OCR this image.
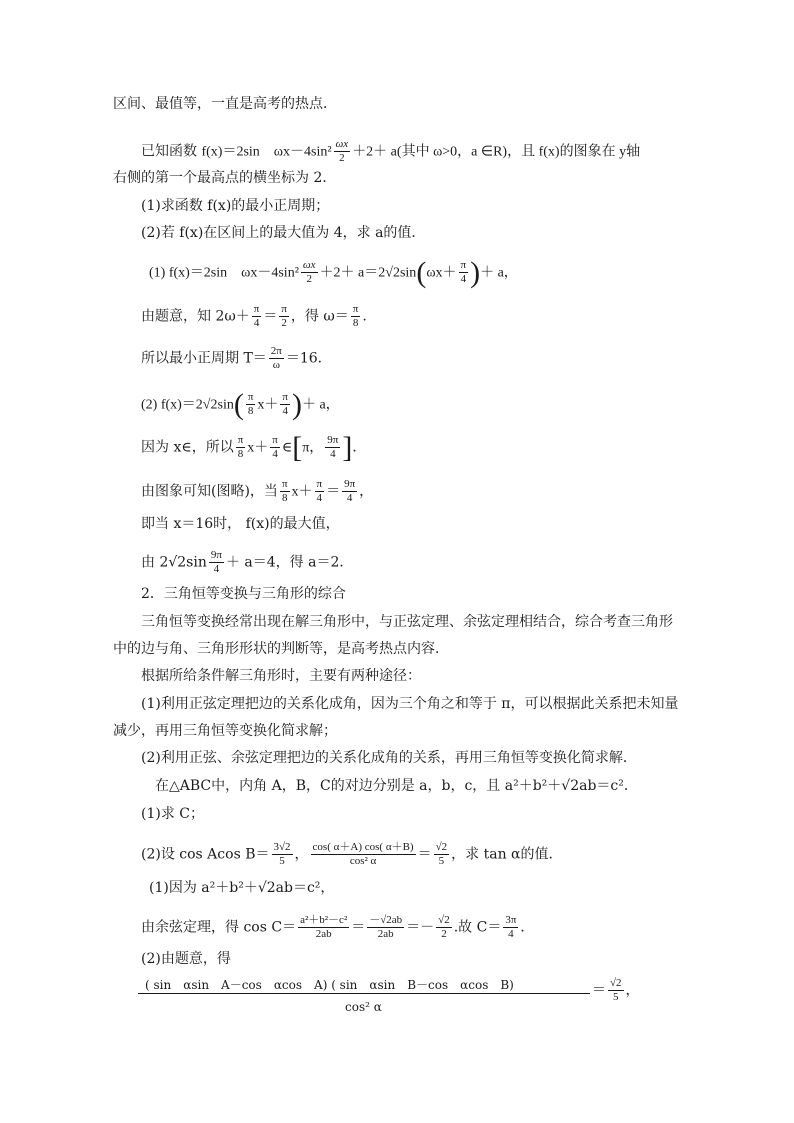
区间、最值等，一直是高考的热点．
已知函数 f(x)＝2sin　$\omega x-4\sin^2 \frac{\omega x}{2} +2+ a$(其中 ω>0，a ∈R)，且 f(x)的图象在 y轴
右侧的第一个最高点的横坐标为 2．
(1)求函数 f(x)的最小正周期；
(2)若 f(x)在区间上的最大值为 4，求 a的值．
(1) f(x)＝2sin　$\omega x-4\sin^2 \frac{\omega x}{2} +2+ a=2√2\sin(\omega x+ \frac{\pi}{4}$ )＋ a，
由题意，知 $2\omega+ \frac{\pi}{4} = \frac{\pi}{2}$ ，得 $\omega= \frac{\pi}{8}$ .
所以最小正周期 $T= \frac{2\pi}{\omega} =16$．
(2) $f(x)=2√2\sin( \frac{\pi}{8} x+ \frac{\pi}{4}$ )＋ a，
因为 x∈，所以 $\frac{\pi}{8} x+ \frac{\pi}{4}$ ∈[π， $\frac{9\pi}{4}$ ]．
由图象可知(图略)，当 $\frac{\pi}{8} x+ \frac{\pi}{4} = \frac{9\pi}{4}$ ，
即当 x＝16时， f(x)的最大值，
由 $2√2\sin \frac{9\pi}{4} + a=4$，得 a＝2．
2．三角恒等变换与三角形的综合
三角恒等变换经常出现在解三角形中，与正弦定理、余弦定理相结合，综合考查三角形
中的边与角、三角形形状的判断等，是高考热点内容．
根据所给条件解三角形时，主要有两种途径：
(1)利用正弦定理把边的关系化成角，因为三个角之和等于 π，可以根据此关系把未知量
减少，再用三角恒等变换化简求解；
(2)利用正弦、余弦定理把边的关系化成角的关系，再用三角恒等变换化简求解．
在△ABC中，内角 A，B，C的对边分别是 a，b，c，且 a²＋b²＋√2ab＝c²．
(1)求 C；
(2)设 cos Acos $B= \frac{3√2}{5}$ ， $\frac{\cos( \alpha+A) \cos( \alpha+B)}{\text{cos² α}} = \frac{√2}{5}$ ，求 tan α的值．
(1)因为 a²＋b²＋√2ab＝c²，
由余弦定理，得 $\cos C= \frac{\text{a²＋b²－c²}}{2ab} = \frac{-√2ab}{2ab} =- \frac{√2}{2}$ .故 $C= \frac{3\pi}{4}$ ．
(2)由题意，得
( sin　αsin　A－cos　αcos　A) ( sin　αsin　B－cos　αcos　B)
cos² α
＝ $\frac{√2}{5}$ ，
